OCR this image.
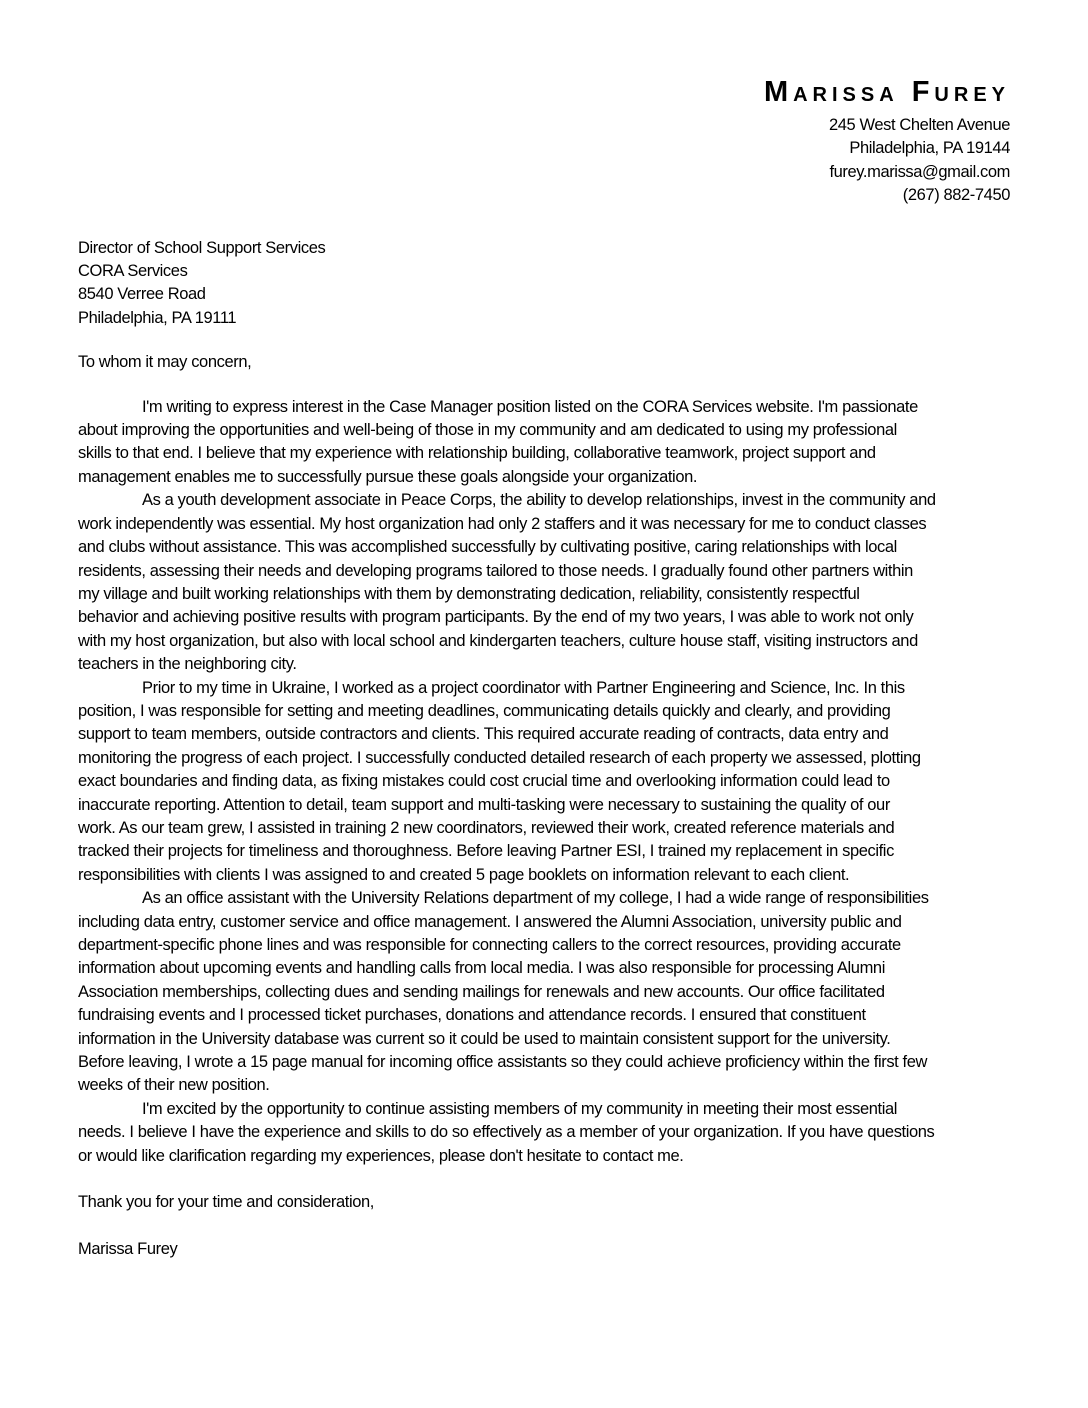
Marissa Furey
245 West Chelten Avenue
Philadelphia, PA 19144
furey.marissa@gmail.com
(267) 882-7450
Director of School Support Services
CORA Services
8540 Verree Road
Philadelphia, PA 19111
To whom it may concern,
I'm writing to express interest in the Case Manager position listed on the CORA Services website. I'm passionate
about improving the opportunities and well-being of those in my community and am dedicated to using my professional
skills to that end. I believe that my experience with relationship building, collaborative teamwork, project support and
management enables me to successfully pursue these goals alongside your organization.
As a youth development associate in Peace Corps, the ability to develop relationships, invest in the community and
work independently was essential. My host organization had only 2 staffers and it was necessary for me to conduct classes
and clubs without assistance. This was accomplished successfully by cultivating positive, caring relationships with local
residents, assessing their needs and developing programs tailored to those needs. I gradually found other partners within
my village and built working relationships with them by demonstrating dedication, reliability, consistently respectful
behavior and achieving positive results with program participants. By the end of my two years, I was able to work not only
with my host organization, but also with local school and kindergarten teachers, culture house staff, visiting instructors and
teachers in the neighboring city.
Prior to my time in Ukraine, I worked as a project coordinator with Partner Engineering and Science, Inc. In this
position, I was responsible for setting and meeting deadlines, communicating details quickly and clearly, and providing
support to team members, outside contractors and clients. This required accurate reading of contracts, data entry and
monitoring the progress of each project. I successfully conducted detailed research of each property we assessed, plotting
exact boundaries and finding data, as fixing mistakes could cost crucial time and overlooking information could lead to
inaccurate reporting. Attention to detail, team support and multi-tasking were necessary to sustaining the quality of our
work. As our team grew, I assisted in training 2 new coordinators, reviewed their work, created reference materials and
tracked their projects for timeliness and thoroughness. Before leaving Partner ESI, I trained my replacement in specific
responsibilities with clients I was assigned to and created 5 page booklets on information relevant to each client.
As an office assistant with the University Relations department of my college, I had a wide range of responsibilities
including data entry, customer service and office management. I answered the Alumni Association, university public and
department-specific phone lines and was responsible for connecting callers to the correct resources, providing accurate
information about upcoming events and handling calls from local media. I was also responsible for processing Alumni
Association memberships, collecting dues and sending mailings for renewals and new accounts. Our office facilitated
fundraising events and I processed ticket purchases, donations and attendance records. I ensured that constituent
information in the University database was current so it could be used to maintain consistent support for the university.
Before leaving, I wrote a 15 page manual for incoming office assistants so they could achieve proficiency within the first few
weeks of their new position.
I'm excited by the opportunity to continue assisting members of my community in meeting their most essential
needs. I believe I have the experience and skills to do so effectively as a member of your organization. If you have questions
or would like clarification regarding my experiences, please don't hesitate to contact me.
Thank you for your time and consideration,
Marissa Furey
